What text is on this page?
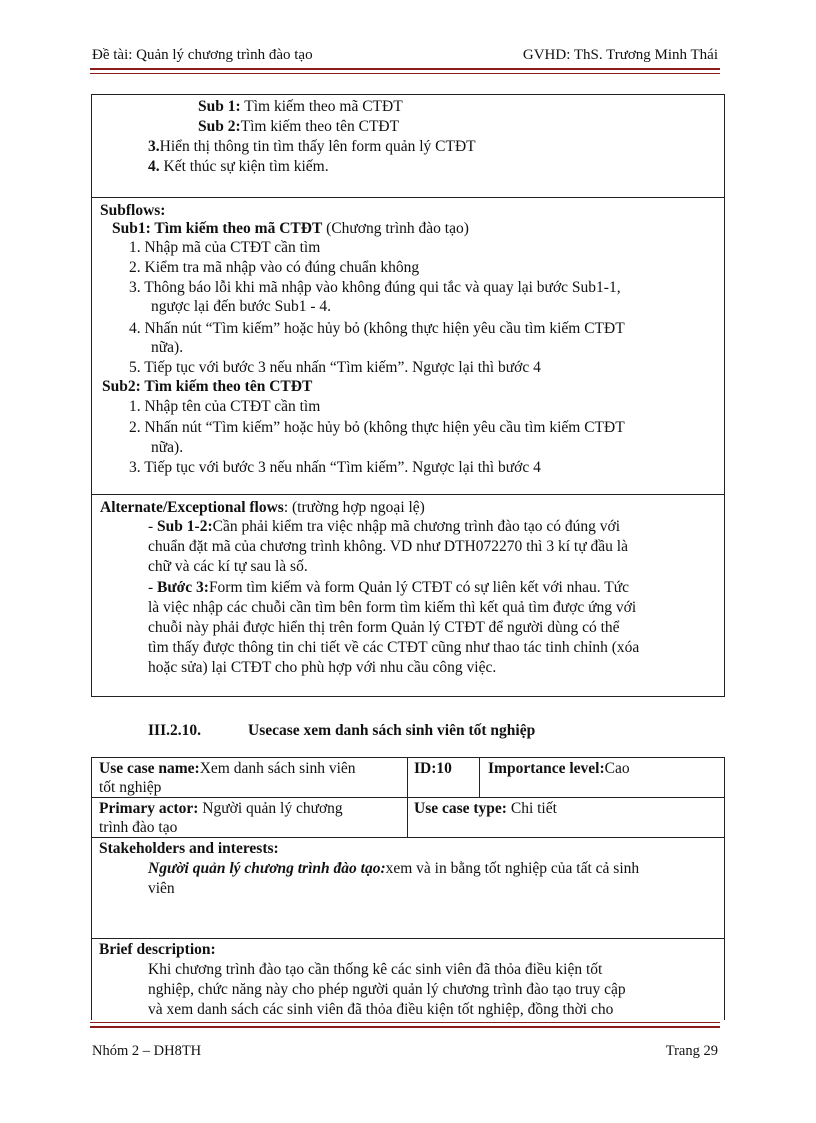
Đề tài: Quản lý chương trình đào tạo	GVHD: ThS. Trương Minh Thái
Sub 1: Tìm kiếm theo mã CTĐT
Sub 2:Tìm kiếm theo tên CTĐT
3.Hiển thị thông tin tìm thấy lên form quản lý CTĐT
4. Kết thúc sự kiện tìm kiếm.
Subflows:
Sub1: Tìm kiếm theo mã CTĐT (Chương trình đào tạo)
1. Nhập mã của CTĐT cần tìm
2. Kiểm tra mã nhập vào có đúng chuẩn không
3. Thông báo lỗi khi mã nhập vào không đúng qui tắc và quay lại bước Sub1-1,
ngược lại đến bước Sub1 - 4.
4. Nhấn nút “Tìm kiếm” hoặc hủy bỏ (không thực hiện yêu cầu tìm kiếm CTĐT
nữa).
5. Tiếp tục với bước 3 nếu nhấn “Tìm kiếm”. Ngược lại thì bước 4
Sub2: Tìm kiếm theo tên CTĐT
1. Nhập tên của CTĐT cần tìm
2. Nhấn nút “Tìm kiếm” hoặc hủy bỏ (không thực hiện yêu cầu tìm kiếm CTĐT
nữa).
3. Tiếp tục với bước 3 nếu nhấn “Tìm kiếm”. Ngược lại thì bước 4
Alternate/Exceptional flows: (trường hợp ngoại lệ)
- Sub 1-2:Cần phải kiểm tra việc nhập mã chương trình đào tạo có đúng với
chuẩn đặt mã của chương trình không. VD như DTH072270 thì 3 kí tự đầu là
chữ và các kí tự sau là số.
- Bước 3:Form tìm kiếm và form Quản lý CTĐT có sự liên kết với nhau. Tức
là việc nhập các chuỗi cần tìm bên form tìm kiếm thì kết quả tìm được ứng với
chuỗi này phải được hiển thị trên form Quản lý CTĐT để người dùng có thể
tìm thấy được thông tin chi tiết về các CTĐT cũng như thao tác tinh chỉnh (xóa
hoặc sửa) lại CTĐT cho phù hợp với nhu cầu công việc.
III.2.10.	Usecase xem danh sách sinh viên tốt nghiệp
Use case name:Xem danh sách sinh viên
tốt nghiệp
ID:10 Importance level:Cao
Primary actor: Người quản lý chương
trình đào tạo
Use case type: Chi tiết
Stakeholders and interests:
Người quản lý chương trình đào tạo:xem và in bằng tốt nghiệp của tất cả sinh
viên
Brief description:
Khi chương trình đào tạo cần thống kê các sinh viên đã thỏa điều kiện tốt
nghiệp, chức năng này cho phép người quản lý chương trình đào tạo truy cập
và xem danh sách các sinh viên đã thỏa điều kiện tốt nghiệp, đồng thời cho
Nhóm 2 – DH8TH	Trang 29
